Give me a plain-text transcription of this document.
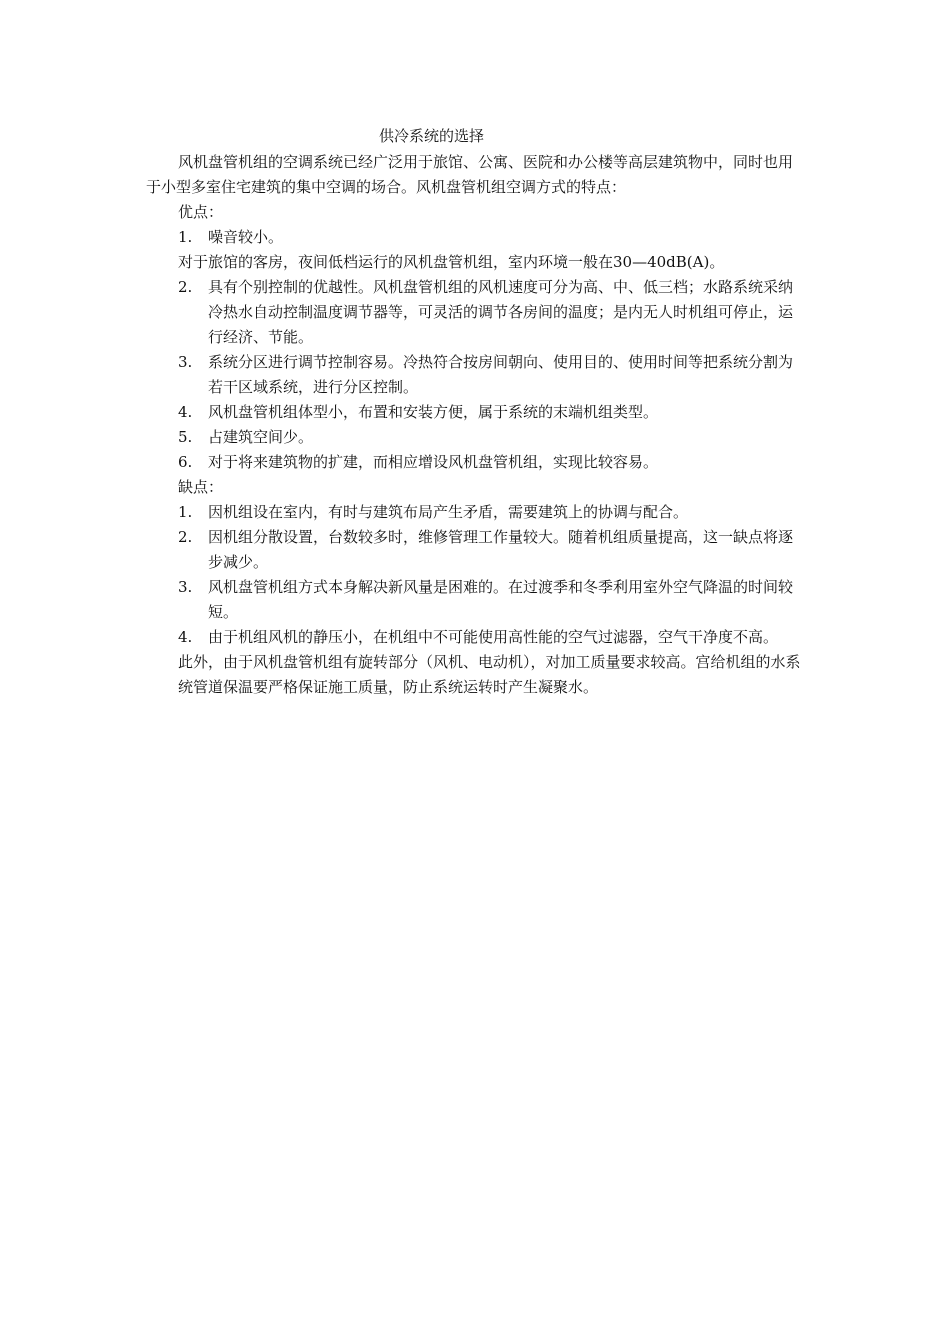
供冷系统的选择

风机盘管机组的空调系统已经广泛用于旅馆、公寓、医院和办公楼等高层建筑物中，同时也用于小型多室住宅建筑的集中空调的场合。风机盘管机组空调方式的特点：

优点：
1. 噪音较小。
对于旅馆的客房，夜间低档运行的风机盘管机组，室内环境一般在30—40dB(A)。
2. 具有个别控制的优越性。风机盘管机组的风机速度可分为高、中、低三档；水路系统采纳冷热水自动控制温度调节器等，可灵活的调节各房间的温度；是内无人时机组可停止，运行经济、节能。
3. 系统分区进行调节控制容易。冷热符合按房间朝向、使用目的、使用时间等把系统分割为若干区域系统，进行分区控制。
4. 风机盘管机组体型小，布置和安装方便，属于系统的末端机组类型。
5. 占建筑空间少。
6. 对于将来建筑物的扩建，而相应增设风机盘管机组，实现比较容易。
缺点：
1. 因机组设在室内，有时与建筑布局产生矛盾，需要建筑上的协调与配合。
2. 因机组分散设置，台数较多时，维修管理工作量较大。随着机组质量提高，这一缺点将逐步减少。
3. 风机盘管机组方式本身解决新风量是困难的。在过渡季和冬季利用室外空气降温的时间较短。
4. 由于机组风机的静压小，在机组中不可能使用高性能的空气过滤器，空气干净度不高。
此外，由于风机盘管机组有旋转部分（风机、电动机），对加工质量要求较高。宫给机组的水系统管道保温要严格保证施工质量，防止系统运转时产生凝聚水。
